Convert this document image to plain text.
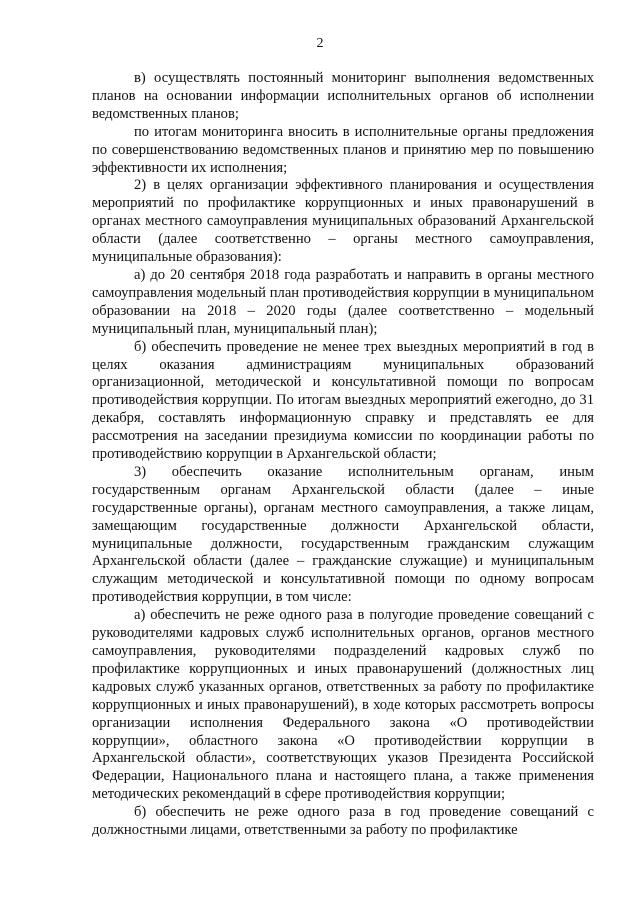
2

в) осуществлять постоянный мониторинг выполнения ведомственных планов на основании информации исполнительных органов об исполнении ведомственных планов;

по итогам мониторинга вносить в исполнительные органы предложения по совершенствованию ведомственных планов и принятию мер по повышению эффективности их исполнения;

2) в целях организации эффективного планирования и осуществления мероприятий по профилактике коррупционных и иных правонарушений в органах местного самоуправления муниципальных образований Архангельской области (далее соответственно – органы местного самоуправления, муниципальные образования):

а) до 20 сентября 2018 года разработать и направить в органы местного самоуправления модельный план противодействия коррупции в муниципальном образовании на 2018 – 2020 годы (далее соответственно – модельный муниципальный план, муниципальный план);

б) обеспечить проведение не менее трех выездных мероприятий в год в целях оказания администрациям муниципальных образований организационной, методической и консультативной помощи по вопросам противодействия коррупции. По итогам выездных мероприятий ежегодно, до 31 декабря, составлять информационную справку и представлять ее для рассмотрения на заседании президиума комиссии по координации работы по противодействию коррупции в Архангельской области;

3) обеспечить оказание исполнительным органам, иным государственным органам Архангельской области (далее – иные государственные органы), органам местного самоуправления, а также лицам, замещающим государственные должности Архангельской области, муниципальные должности, государственным гражданским служащим Архангельской области (далее – гражданские служащие) и муниципальным служащим методической и консультативной помощи по одному вопросам противодействия коррупции, в том числе:

а) обеспечить не реже одного раза в полугодие проведение совещаний с руководителями кадровых служб исполнительных органов, органов местного самоуправления, руководителями подразделений кадровых служб по профилактике коррупционных и иных правонарушений (должностных лиц кадровых служб указанных органов, ответственных за работу по профилактике коррупционных и иных правонарушений), в ходе которых рассмотреть вопросы организации исполнения Федерального закона «О противодействии коррупции», областного закона «О противодействии коррупции в Архангельской области», соответствующих указов Президента Российской Федерации, Национального плана и настоящего плана, а также применения методических рекомендаций в сфере противодействия коррупции;

б) обеспечить не реже одного раза в год проведение совещаний с должностными лицами, ответственными за работу по профилактике
